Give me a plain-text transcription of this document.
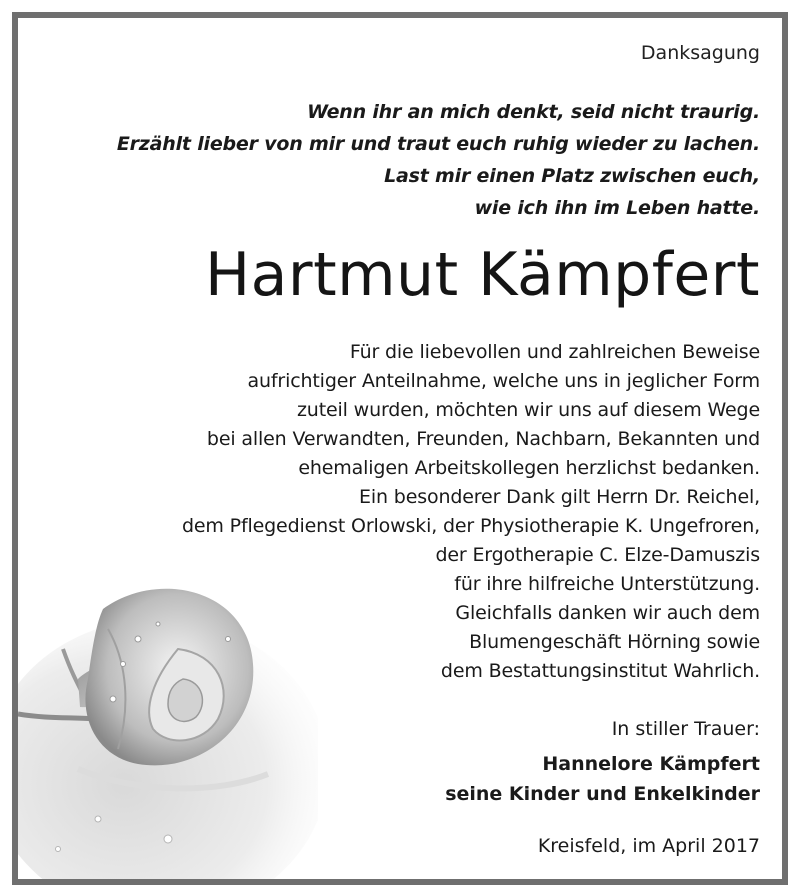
Danksagung
Wenn ihr an mich denkt, seid nicht traurig.
Erzählt lieber von mir und traut euch ruhig wieder zu lachen.
Last mir einen Platz zwischen euch,
wie ich ihn im Leben hatte.
Hartmut Kämpfert
Für die liebevollen und zahlreichen Beweise
aufrichtiger Anteilnahme, welche uns in jeglicher Form
zuteil wurden, möchten wir uns auf diesem Wege
bei allen Verwandten, Freunden, Nachbarn, Bekannten und
ehemaligen Arbeitskollegen herzlichst bedanken.
Ein besonderer Dank gilt Herrn Dr. Reichel,
dem Pflegedienst Orlowski, der Physiotherapie K. Ungefroren,
der Ergotherapie C. Elze-Damuszis
für ihre hilfreiche Unterstützung.
Gleichfalls danken wir auch dem
Blumengeschäft Hörning sowie
dem Bestattungsinstitut Wahrlich.
In stiller Trauer:
Hannelore Kämpfert
seine Kinder und Enkelkinder
Kreisfeld, im April 2017
